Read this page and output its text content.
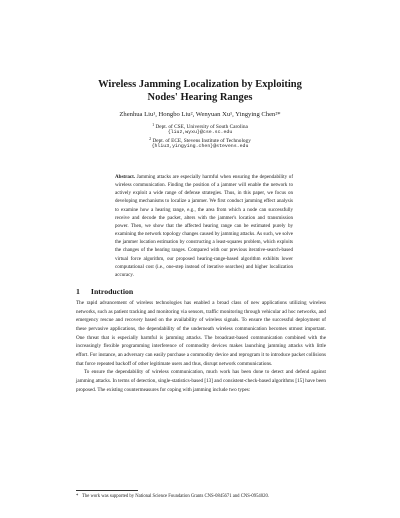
Wireless Jamming Localization by Exploiting
Nodes' Hearing Ranges
Zhenhua Liu¹, Hongbo Liu², Wenyuan Xu¹, Yingying Chen²*
$^1$ Dept. of CSE, University of South Carolina
{liuz,wyxu}@cse.sc.edu
$^2$ Dept. of ECE, Stevens Institute of Technology
{hliu3,yingying.chen}@stevens.edu
Abstract. Jamming attacks are especially harmful when ensuring the dependability of wireless communication. Finding the position of a jammer will enable the network to actively exploit a wide range of defense strategies. Thus, in this paper, we focus on developing mechanisms to localize a jammer. We first conduct jamming effect analysis to examine how a hearing range, e.g., the area from which a node can successfully receive and decode the packet, alters with the jammer's location and transmission power. Then, we show that the affected hearing range can be estimated purely by examining the network topology changes caused by jamming attacks. As such, we solve the jammer location estimation by constructing a least-squares problem, which exploits the changes of the hearing ranges. Compared with our previous iterative-search-based virtual force algorithm, our proposed hearing-range-based algorithm exhibits lower computational cost (i.e., one-step instead of iterative searches) and higher localization accuracy.
1 Introduction

The rapid advancement of wireless technologies has enabled a broad class of new applications utilizing wireless networks, such as patient tracking and monitoring via sensors, traffic monitoring through vehicular ad hoc networks, and emergency rescue and recovery based on the availability of wireless signals. To ensure the successful deployment of these pervasive applications, the dependability of the underneath wireless communication becomes utmost important. One threat that is especially harmful is jamming attacks. The broadcast-based communication combined with the increasingly flexible programming interference of commodity devices makes launching jamming attacks with little effort. For instance, an adversary can easily purchase a commodity device and reprogram it to introduce packet collisions that force repeated backoff of other legitimate users and thus, disrupt network communications.

To ensure the dependability of wireless communication, much work has been done to detect and defend against jamming attacks. In terms of detection, single-statistics-based [13] and consistent-check-based algorithms [15] have been proposed. The existing countermeasures for coping with jamming include two types:

* The work was supported by National Science Foundation Grants CNS-0845671 and CNS-0954020.
